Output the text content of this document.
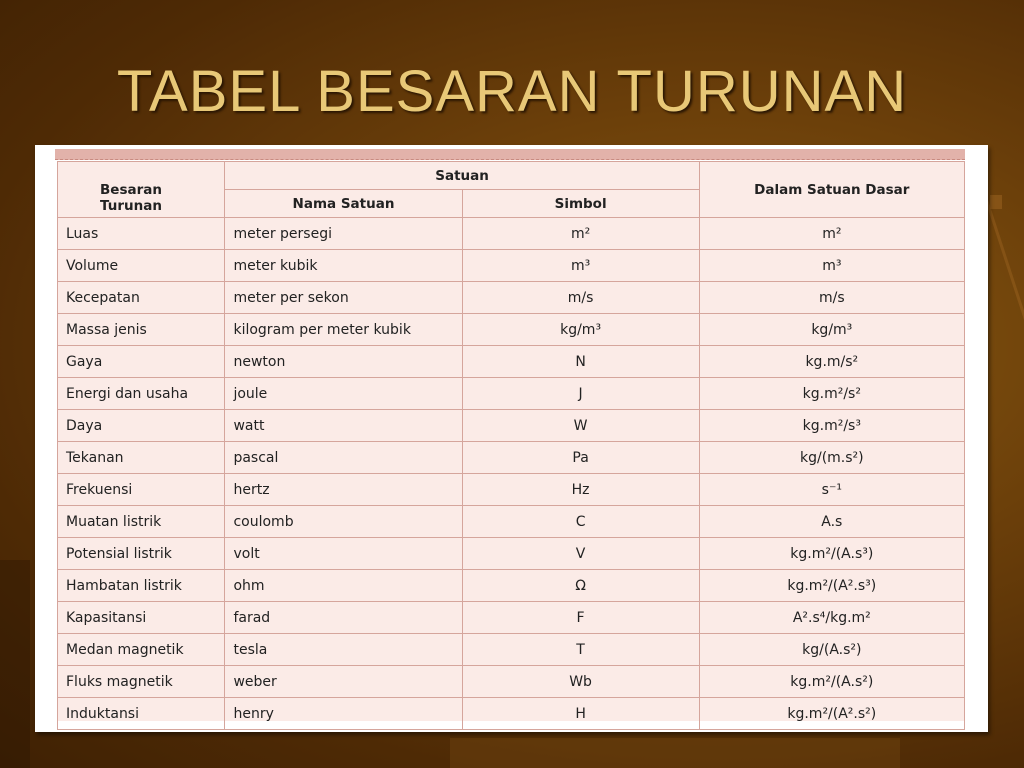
TABEL BESARAN TURUNAN

Besaran
Turunan	Satuan		Dalam Satuan Dasar
	Nama Satuan	Simbol	
Luas	meter persegi	m²	m²
Volume	meter kubik	m³	m³
Kecepatan	meter per sekon	m/s	m/s
Massa jenis	kilogram per meter kubik	kg/m³	kg/m³
Gaya	newton	N	kg.m/s²
Energi dan usaha	joule	J	kg.m²/s²
Daya	watt	W	kg.m²/s³
Tekanan	pascal	Pa	kg/(m.s²)
Frekuensi	hertz	Hz	s⁻¹
Muatan listrik	coulomb	C	A.s
Potensial listrik	volt	V	kg.m²/(A.s³)
Hambatan listrik	ohm	Ω	kg.m²/(A².s³)
Kapasitansi	farad	F	A².s⁴/kg.m²
Medan magnetik	tesla	T	kg/(A.s²)
Fluks magnetik	weber	Wb	kg.m²/(A.s²)
Induktansi	henry	H	kg.m²/(A².s²)
